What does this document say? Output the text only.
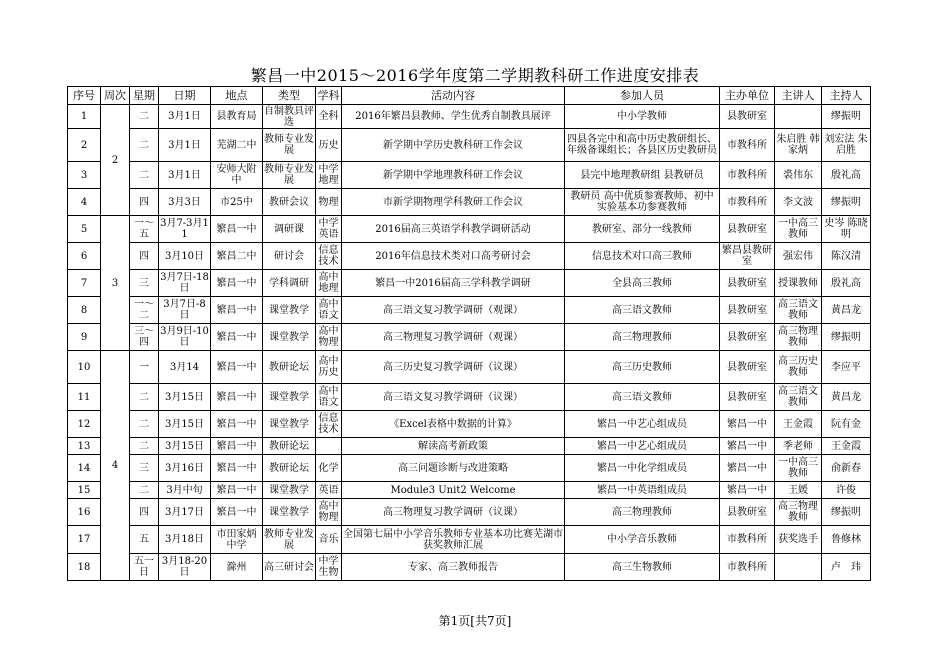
繁昌一中2015～2016学年度第二学期教科研工作进度安排表
序号	周次	星期	日期	地点	类型	学科	活动内容	参加人员	主办单位	主讲人	主持人
1	2	二	3月1日	县教育局	自制教具评选	全科	2016年繁昌县教师、学生优秀自制教具展评	中小学教师	县教研室		缪振明
2		二	3月1日	芜湖二中	教师专业发展	历史	新学期中学历史教科研工作会议	四县各完中和高中历史教研组长、年级备课组长；各县区历史教研员	市教科所	朱启胜 韩家炳	刘宏法 朱启胜
3		二	3月1日	安师大附中	教师专业发展	中学地理	新学期中学地理教科研工作会议	县完中地理教研组 县教研员	市教科所	裘伟东	殷礼高
4		四	3月3日	市25中	教研会议	物理	市新学期物理学科教研工作会议	教研员 高中优质参赛教师、初中实验基本功参赛教师	市教科所	李文波	缪振明
5	3	一～五	3月7-3月11	繁昌一中	调研课	中学英语	2016届高三英语学科教学调研活动	教研室、部分一线教师	县教研室	一中高三教师	史岑 陈晓明
6		四	3月10日	繁昌二中	研讨会	信息技术	2016年信息技术类对口高考研讨会	信息技术对口高三教师	繁昌县教研室	强宏伟	陈汉清
7		三	3月7日-18日	繁昌一中	学科调研	高中地理	繁昌一中2016届高三学科教学调研	全县高三教师	县教研室	授课教师	殷礼高
8		一～二	3月7日-8日	繁昌一中	课堂教学	高中语文	高三语文复习教学调研（观课）	高三语文教师	县教研室	高三语文教师	黄昌龙
9		三～四	3月9日-10日	繁昌一中	课堂教学	高中物理	高三物理复习教学调研（观课）	高三物理教师	县教研室	高三物理教师	缪振明
10	4	一	3月14	繁昌一中	教研论坛	高中历史	高三历史复习教学调研（议课）	高三历史教师	县教研室	高三历史教师	李应平
11		二	3月15日	繁昌一中	课堂教学	高中语文	高三语文复习教学调研（议课）	高三语文教师	县教研室	高三语文教师	黄昌龙
12		二	3月15日	繁昌一中	课堂教学	信息技术	《Excel表格中数据的计算》	繁昌一中艺心组成员	繁昌一中	王金霞	阮有金
13		二	3月15日	繁昌一中	教研论坛		解读高考新政策	繁昌一中艺心组成员	繁昌一中	季老师	王金霞
14		三	3月16日	繁昌一中	教研论坛	化学	高三问题诊断与改进策略	繁昌一中化学组成员	繁昌一中	一中高三教师	俞新春
15		二	3月中旬	繁昌一中	课堂教学	英语	Module3 Unit2 Welcome	繁昌一中英语组成员	繁昌一中	王媛	许俊
16		四	3月17日	繁昌一中	课堂教学	高中物理	高三物理复习教学调研（议课）	高三物理教师	县教研室	高三物理教师	缪振明
17		五	3月18日	市田家炳中学	教师专业发展	音乐	全国第七届中小学音乐教师专业基本功比赛芜湖市获奖教师汇展	中小学音乐教师	市教科所	获奖选手	鲁修林
18		五一日	3月18-20日	滁州	高三研讨会	中学生物	专家、高三教师报告	高三生物教师	市教科所		卢　玮
第1页[共7页]
